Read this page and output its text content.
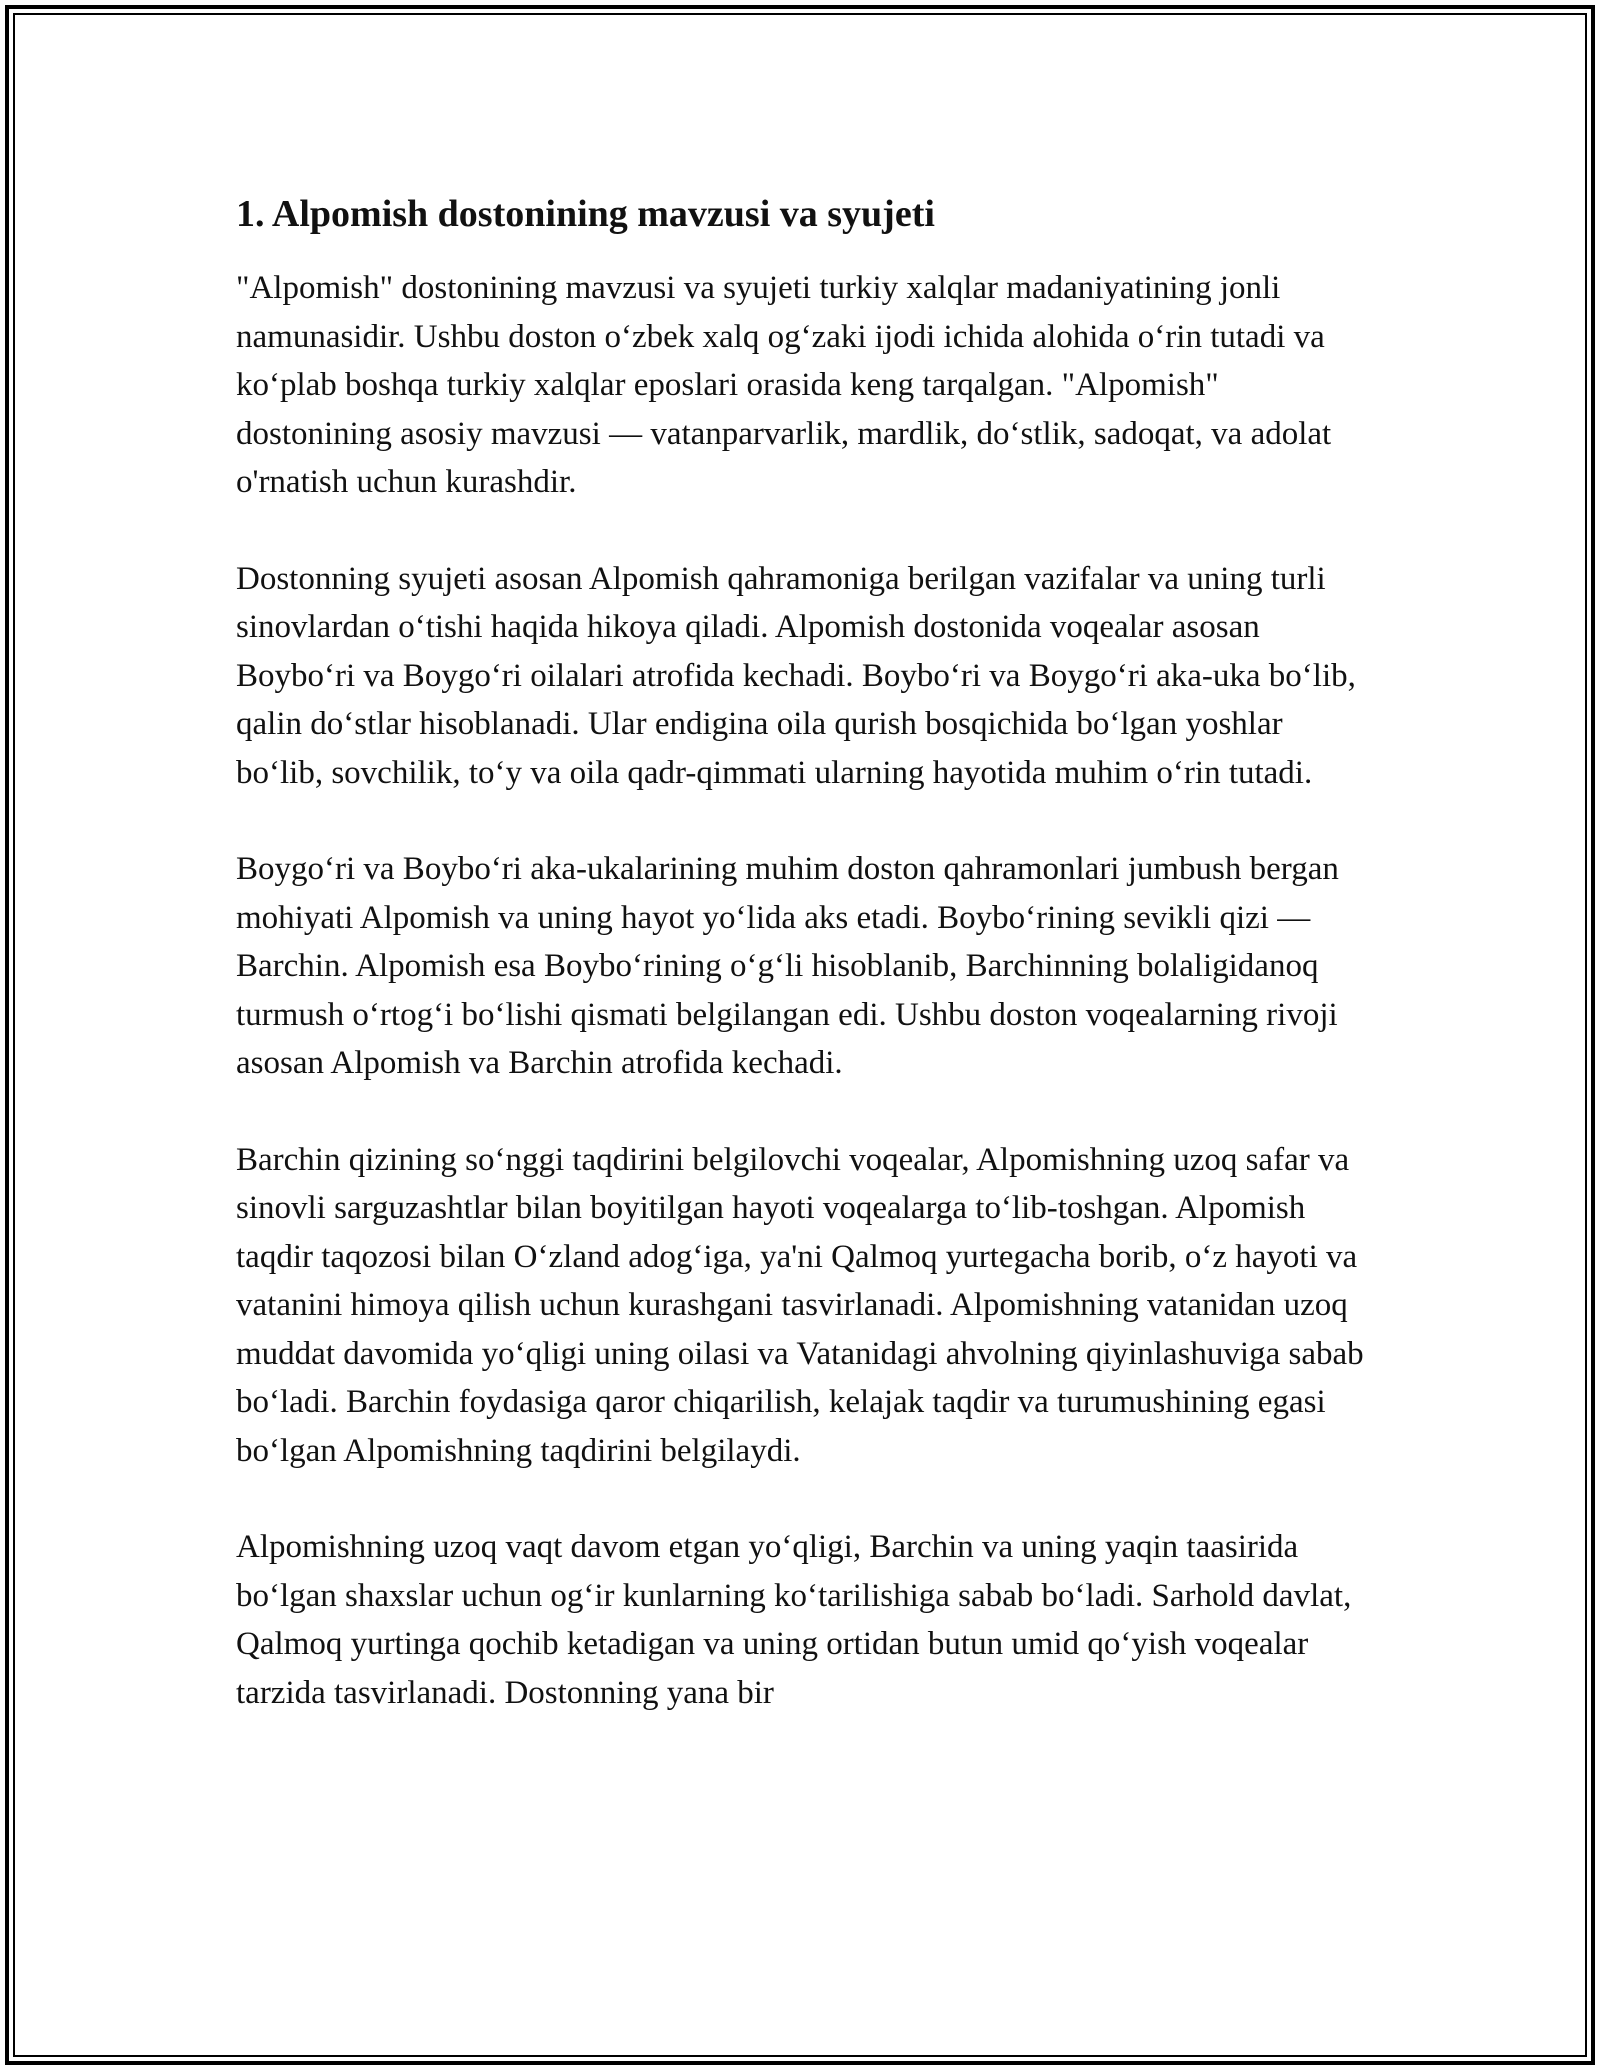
1. Alpomish dostonining mavzusi va syujeti

"Alpomish" dostonining mavzusi va syujeti turkiy xalqlar madaniyatining jonli namunasidir. Ushbu doston o‘zbek xalq og‘zaki ijodi ichida alohida o‘rin tutadi va ko‘plab boshqa turkiy xalqlar eposlari orasida keng tarqalgan. "Alpomish" dostonining asosiy mavzusi — vatanparvarlik, mardlik, do‘stlik, sadoqat, va adolat o'rnatish uchun kurashdir.

Dostonning syujeti asosan Alpomish qahramoniga berilgan vazifalar va uning turli sinovlardan o‘tishi haqida hikoya qiladi. Alpomish dostonida voqealar asosan Boybo‘ri va Boygo‘ri oilalari atrofida kechadi. Boybo‘ri va Boygo‘ri aka-uka bo‘lib, qalin do‘stlar hisoblanadi. Ular endigina oila qurish bosqichida bo‘lgan yoshlar bo‘lib, sovchilik, to‘y va oila qadr-qimmati ularning hayotida muhim o‘rin tutadi.

Boygo‘ri va Boybo‘ri aka-ukalarining muhim doston qahramonlari jumbush bergan mohiyati Alpomish va uning hayot yo‘lida aks etadi. Boybo‘rining sevikli qizi — Barchin. Alpomish esa Boybo‘rining o‘g‘li hisoblanib, Barchinning bolaligidanoq turmush o‘rtog‘i bo‘lishi qismati belgilangan edi. Ushbu doston voqealarning rivoji asosan Alpomish va Barchin atrofida kechadi.

Barchin qizining so‘nggi taqdirini belgilovchi voqealar, Alpomishning uzoq safar va sinovli sarguzashtlar bilan boyitilgan hayoti voqealarga to‘lib-toshgan. Alpomish taqdir taqozosi bilan O‘zland adog‘iga, ya'ni Qalmoq yurtegacha borib, o‘z hayoti va vatanini himoya qilish uchun kurashgani tasvirlanadi. Alpomishning vatanidan uzoq muddat davomida yo‘qligi uning oilasi va Vatanidagi ahvolning qiyinlashuviga sabab bo‘ladi. Barchin foydasiga qaror chiqarilish, kelajak taqdir va turumushining egasi bo‘lgan Alpomishning taqdirini belgilaydi.

Alpomishning uzoq vaqt davom etgan yo‘qligi, Barchin va uning yaqin taasirida bo‘lgan shaxslar uchun og‘ir kunlarning ko‘tarilishiga sabab bo‘ladi. Sarhold davlat, Qalmoq yurtinga qochib ketadigan va uning ortidan butun umid qo‘yish voqealar tarzida tasvirlanadi. Dostonning yana bir
